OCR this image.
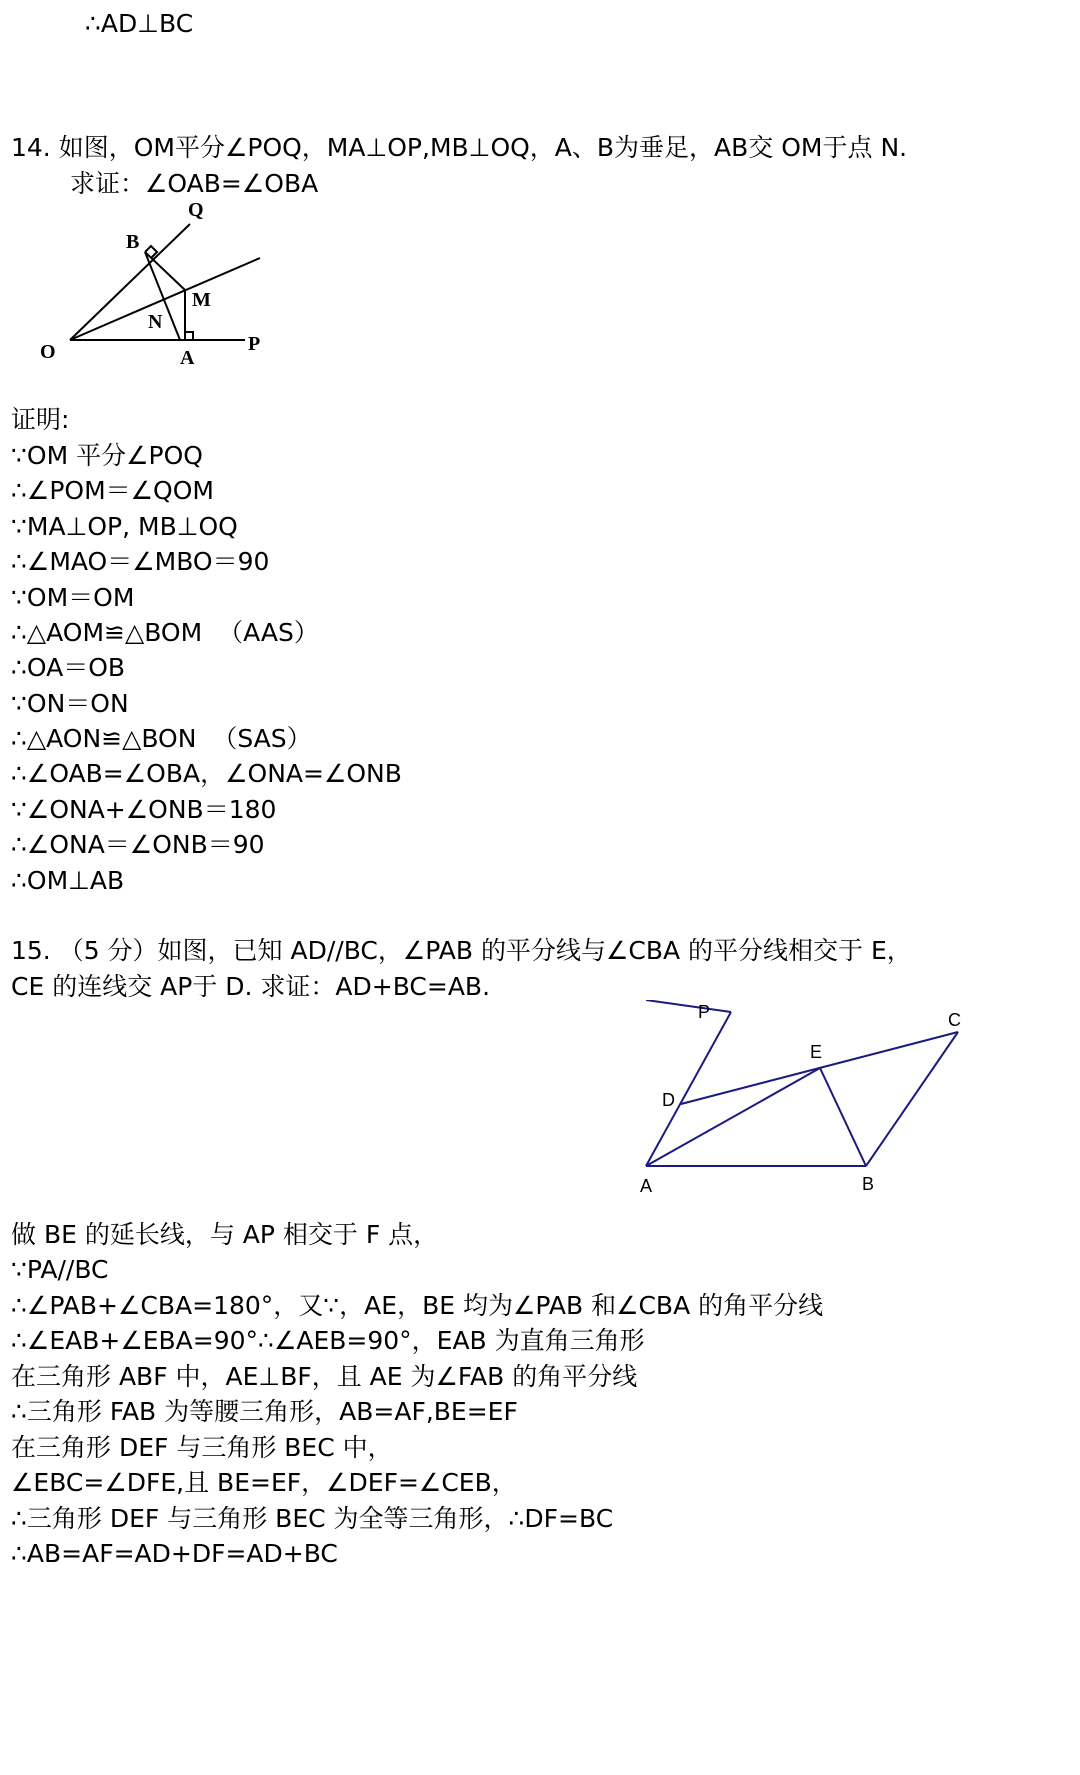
∴AD⊥BC
14. 如图，OM平分∠POQ，MA⊥OP,MB⊥OQ，A、B为垂足，AB交 OM于点 N.
求证：∠OAB=∠OBA
Q
B
M
N
O	A
P
证明:
∵OM 平分∠POQ
∴∠POM＝∠QOM
∵MA⊥OP, MB⊥OQ
∴∠MAO＝∠MBO＝90
∵OM＝OM
∴△AOM≌△BOM  （AAS）
∴OA＝OB
∵ON＝ON
∴△AON≌△BON  （SAS）
∴∠OAB=∠OBA，∠ONA=∠ONB
∵∠ONA+∠ONB＝180
∴∠ONA＝∠ONB＝90
∴OM⊥AB
15. （5 分）如图，已知 AD//BC，∠PAB 的平分线与∠CBA 的平分线相交于 E，
CE 的连线交 AP于 D. 求证：AD+BC=AB.
P	C
E
D
A	B
做 BE 的延长线，与 AP 相交于 F 点，
∵PA//BC
∴∠PAB+∠CBA=180°，又∵，AE，BE 均为∠PAB 和∠CBA 的角平分线
∴∠EAB+∠EBA=90°∴∠AEB=90°，EAB 为直角三角形
在三角形 ABF 中，AE⊥BF，且 AE 为∠FAB 的角平分线
∴三角形 FAB 为等腰三角形，AB=AF,BE=EF
在三角形 DEF 与三角形 BEC 中，
∠EBC=∠DFE,且 BE=EF，∠DEF=∠CEB，
∴三角形 DEF 与三角形 BEC 为全等三角形，∴DF=BC
∴AB=AF=AD+DF=AD+BC
